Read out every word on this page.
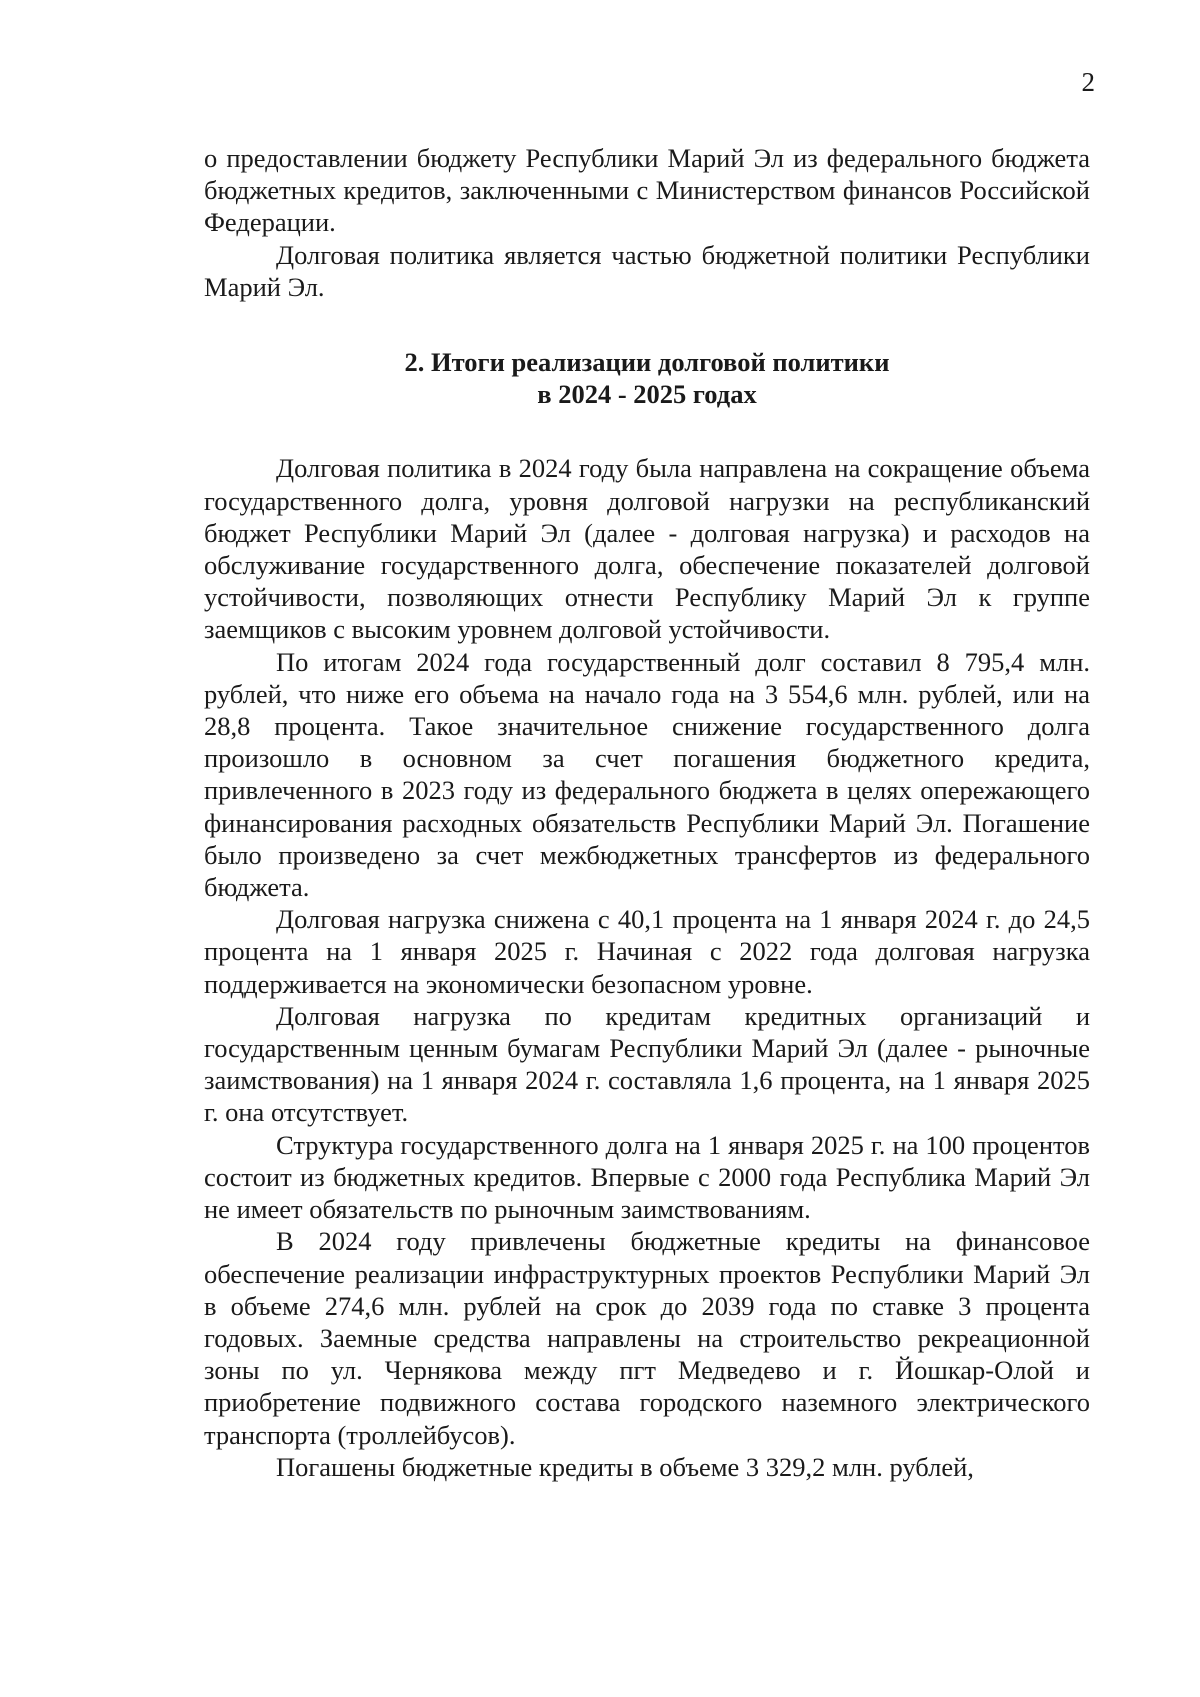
2

о предоставлении бюджету Республики Марий Эл из федерального бюджета бюджетных кредитов, заключенными с Министерством финансов Российской Федерации.

Долговая политика является частью бюджетной политики Республики Марий Эл.

2. Итоги реализации долговой политики
в 2024 - 2025 годах

Долговая политика в 2024 году была направлена на сокращение объема государственного долга, уровня долговой нагрузки на республиканский бюджет Республики Марий Эл (далее - долговая нагрузка) и расходов на обслуживание государственного долга, обеспечение показателей долговой устойчивости, позволяющих отнести Республику Марий Эл к группе заемщиков с высоким уровнем долговой устойчивости.

По итогам 2024 года государственный долг составил 8 795,4 млн. рублей, что ниже его объема на начало года на 3 554,6 млн. рублей, или на 28,8 процента. Такое значительное снижение государственного долга произошло в основном за счет погашения бюджетного кредита, привлеченного в 2023 году из федерального бюджета в целях опережающего финансирования расходных обязательств Республики Марий Эл. Погашение было произведено за счет межбюджетных трансфертов из федерального бюджета.

Долговая нагрузка снижена с 40,1 процента на 1 января 2024 г. до 24,5 процента на 1 января 2025 г. Начиная с 2022 года долговая нагрузка поддерживается на экономически безопасном уровне.

Долговая нагрузка по кредитам кредитных организаций и государственным ценным бумагам Республики Марий Эл (далее - рыночные заимствования) на 1 января 2024 г. составляла 1,6 процента, на 1 января 2025 г. она отсутствует.

Структура государственного долга на 1 января 2025 г. на 100 процентов состоит из бюджетных кредитов. Впервые с 2000 года Республика Марий Эл не имеет обязательств по рыночным заимствованиям.

В 2024 году привлечены бюджетные кредиты на финансовое обеспечение реализации инфраструктурных проектов Республики Марий Эл в объеме 274,6 млн. рублей на срок до 2039 года по ставке 3 процента годовых. Заемные средства направлены на строительство рекреационной зоны по ул. Чернякова между пгт Медведево и г. Йошкар-Олой и приобретение подвижного состава городского наземного электрического транспорта (троллейбусов).

Погашены бюджетные кредиты в объеме 3 329,2 млн. рублей,
